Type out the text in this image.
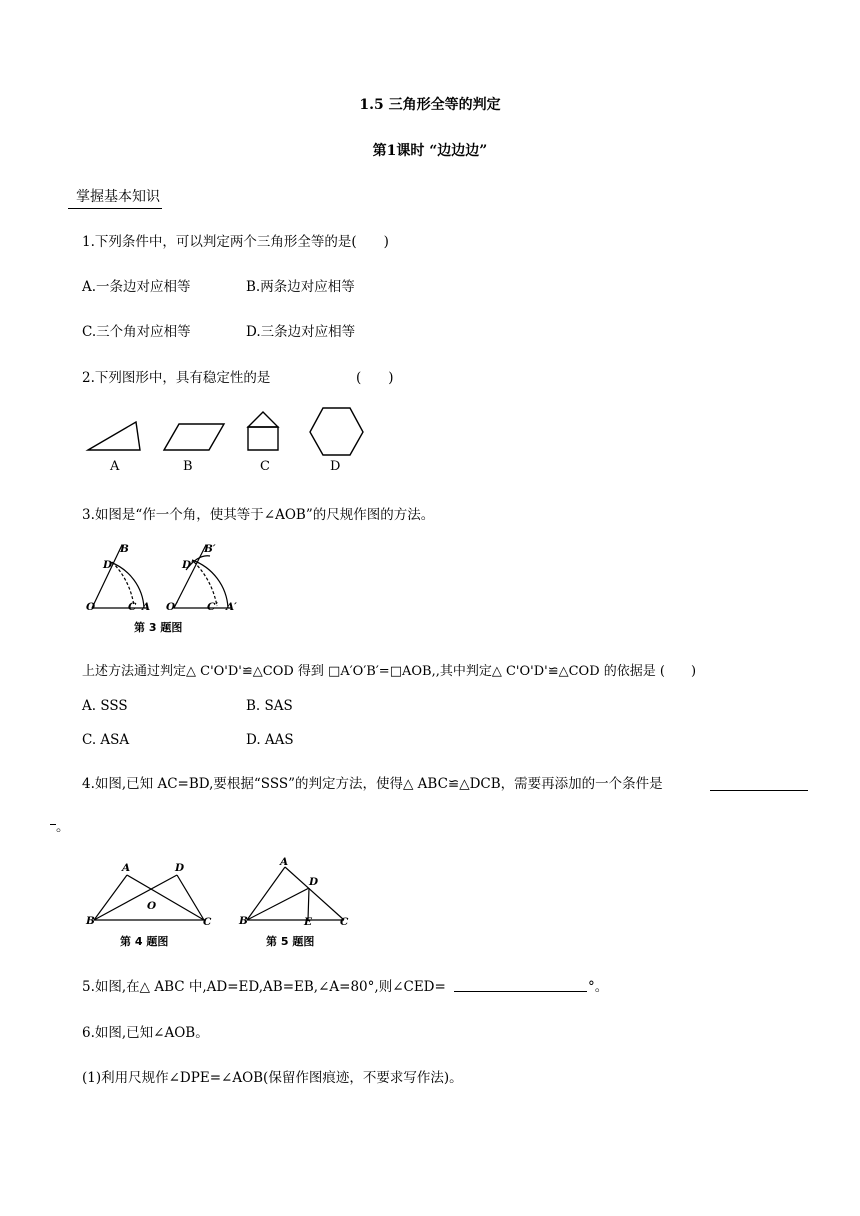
1.5 三角形全等的判定
第1课时 “边边边”
掌握基本知识
1.下列条件中，可以判定两个三角形全等的是(　　)
A.一条边对应相等	B.两条边对应相等
C.三个角对应相等	D.三条边对应相等
2.下列图形中，具有稳定性的是	(　　)
A	B	C	D
3.如图是“作一个角，使其等于∠AOB”的尺规作图的方法。
B
D
O	C A
B′
D′
O′	C′ A′
第 3 题图
上述方法通过判定△ C'O'D'≌△COD 得到 □A′O′B′=□AOB,,其中判定△ C'O'D'≌△COD 的依据是 (　　)
A. SSS	B. SAS
C. ASA	D. AAS
4.如图,已知 AC=BD,要根据“SSS”的判定方法，使得△ ABC≌△DCB，需要再添加的一个条件是
。
A	D
O
B	C
第 4 题图
A
D
B	E	C
第 5 题图
5.如图,在△ ABC 中,AD=ED,AB=EB,∠A=80°,则∠CED=	°。
6.如图,已知∠AOB。
(1)利用尺规作∠DPE=∠AOB(保留作图痕迹，不要求写作法)。
